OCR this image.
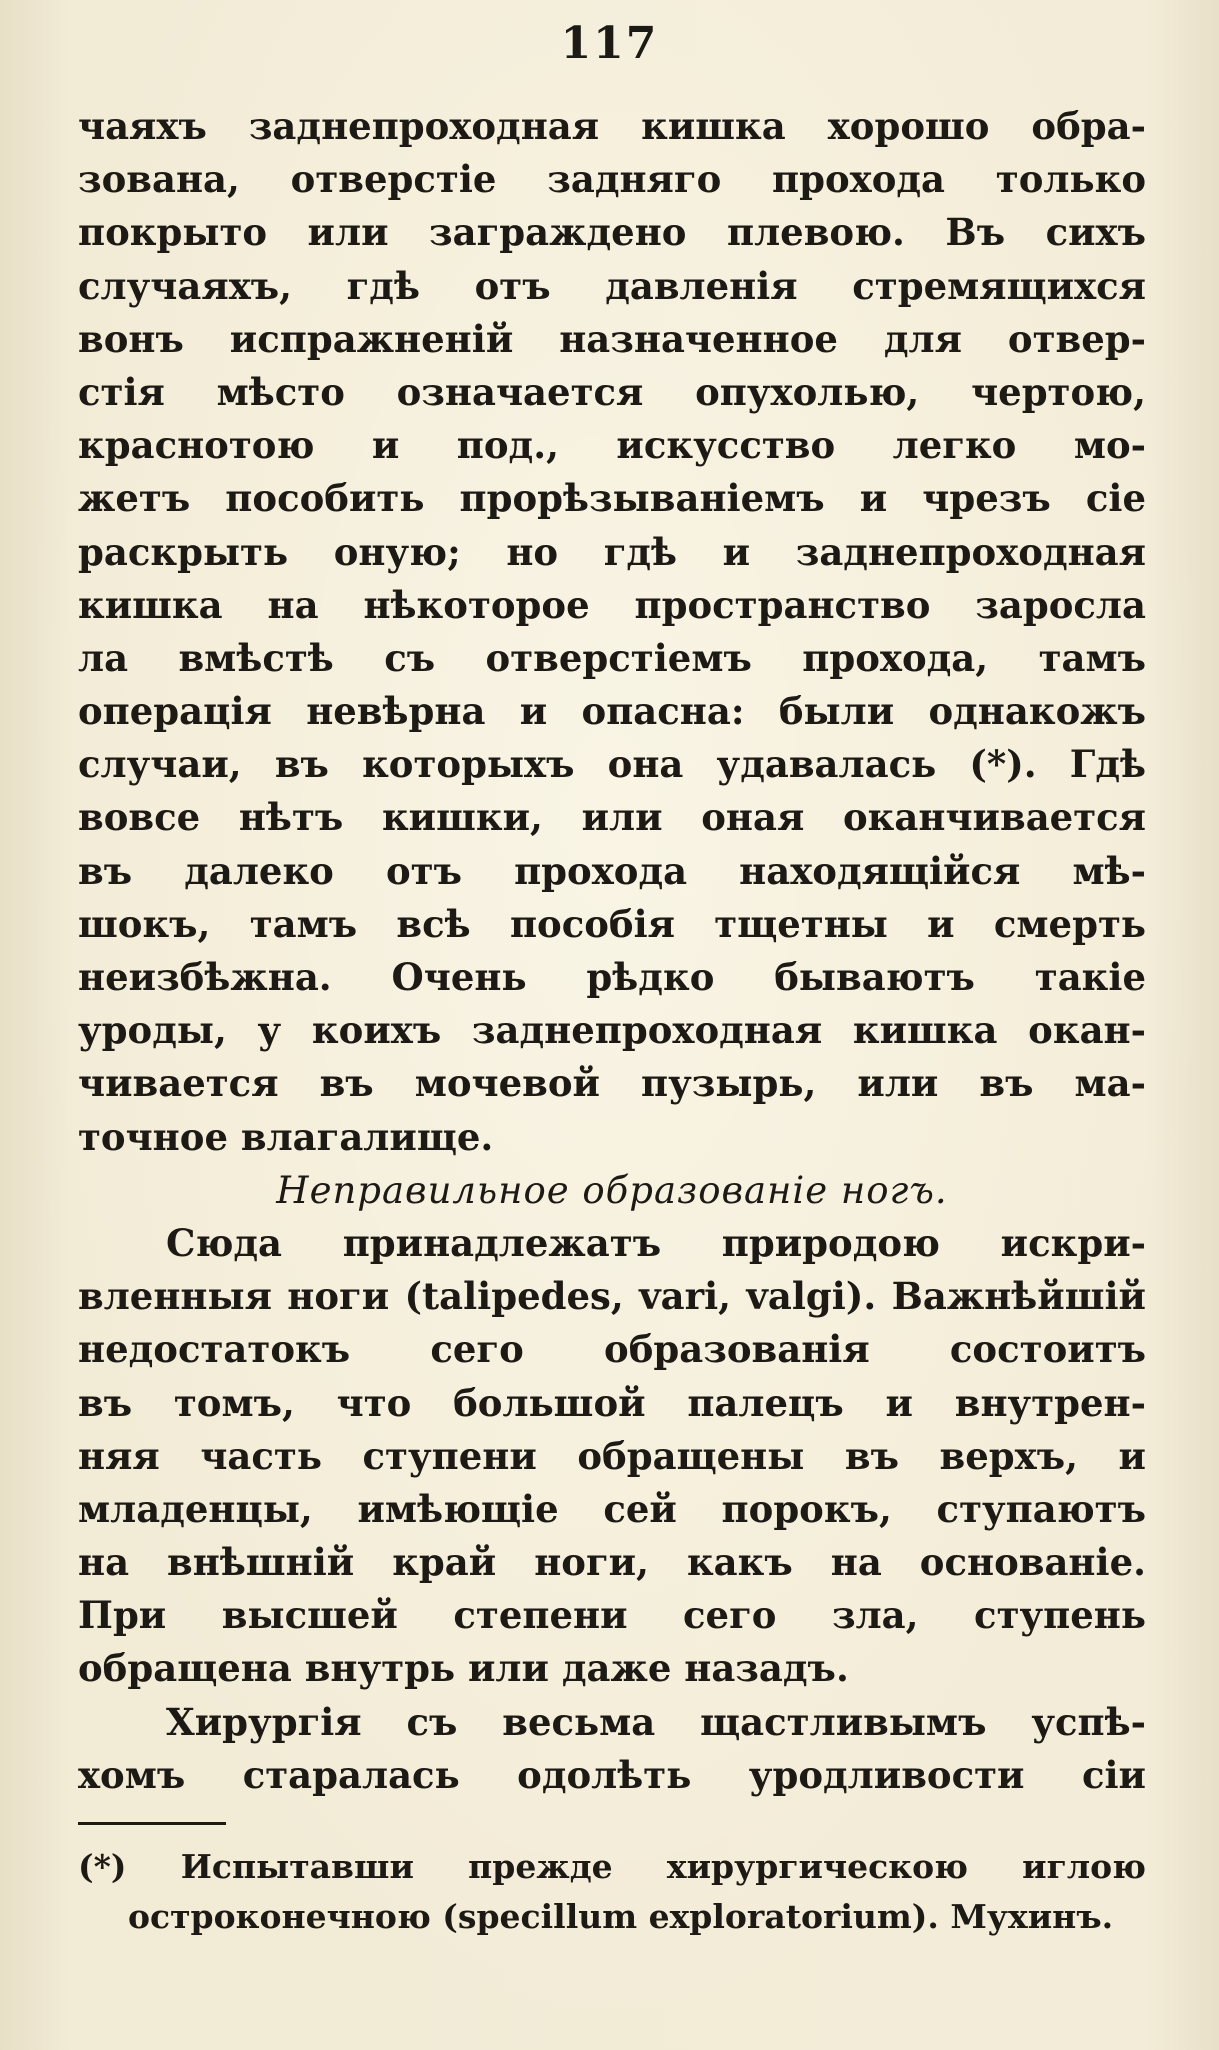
117
чаяхъ заднепроходная кишка хорошо обра-
зована, отверстіе задняго прохода только
покрыто или заграждено плевою. Въ сихъ
случаяхъ, гдѣ отъ давленія стремящихся
вонъ испражненій назначенное для отвер-
стія мѣсто означается опухолью, чертою,
краснотою и под., искусство легко мо-
жетъ пособить прорѣзываніемъ и чрезъ сіе
раскрыть оную; но гдѣ и заднепроходная
кишка на нѣкоторое пространство заросла
ла вмѣстѣ съ отверстіемъ прохода, тамъ
операція невѣрна и опасна: были однакожъ
случаи, въ которыхъ она удавалась (*). Гдѣ
вовсе нѣтъ кишки, или оная оканчивается
въ далеко отъ прохода находящійся мѣ-
шокъ, тамъ всѣ пособія тщетны и смерть
неизбѣжна. Очень рѣдко бываютъ такіе
уроды, у коихъ заднепроходная кишка окан-
чивается въ мочевой пузырь, или въ ма-
точное влагалище.
Неправильное образованіе ногъ.
Сюда принадлежатъ природою искри-
вленныя ноги (talipedes, vari, valgi). Важнѣйшій
недостатокъ сего образованія состоитъ
въ томъ, что большой палецъ и внутрен-
няя часть ступени обращены въ верхъ, и
младенцы, имѣющіе сей порокъ, ступаютъ
на внѣшній край ноги, какъ на основаніе.
При высшей степени сего зла, ступень
обращена внутрь или даже назадъ.
Хирургія съ весьма щастливымъ успѣ-
хомъ старалась одолѣть уродливости сіи
(*) Испытавши прежде хирургическою иглою
остроконечною (specillum exploratorium). Мухинъ.
